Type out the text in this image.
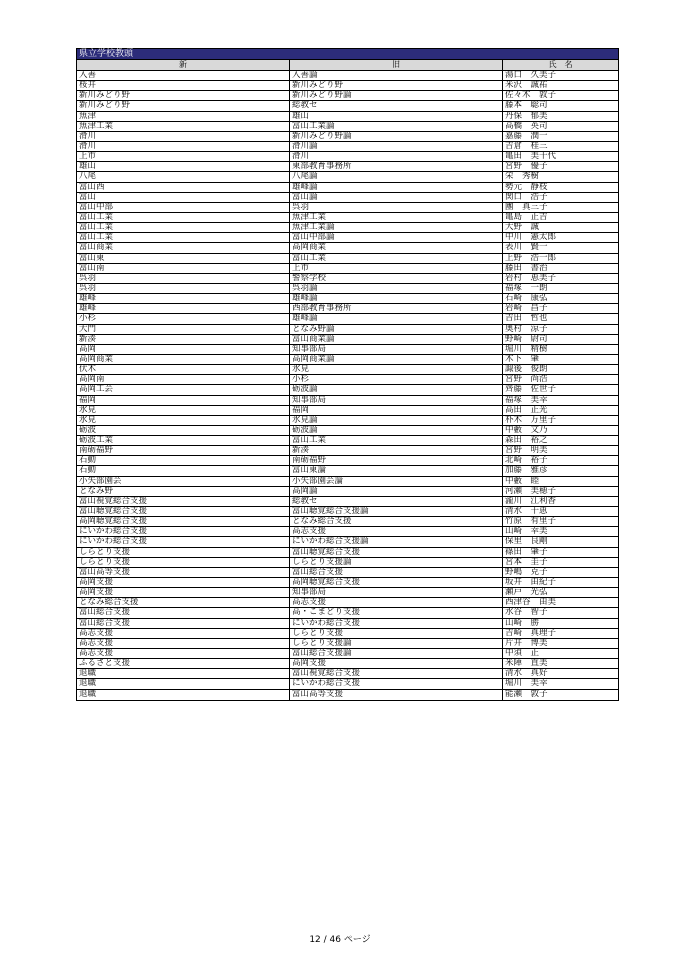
県立学校教頭
新	旧	氏　名
入善	入善論	湯口　久美子
桜井	新川みどり野	米沢　誠祐
新川みどり野	新川みどり野論	佐々木　敦子
新川みどり野	総教セ	藤本　聡司
魚津	雄山	丹保　郁美
魚津工業	富山工業論	高橋　英司
滑川	新川みどり野論	嘉藤　潤一
滑川	滑川論	吉倉　桂三
上市	滑川	亀田　美千代
雄山	東部教育事務所	宮野　優子
八尾	八尾論	栄　秀樹
富山西	雄峰論	勢元　静枝
富山	富山論	関口　浩子
富山中部	呉羽	團　真三子
富山工業	魚津工業	亀島　正吉
富山工業	魚津工業論	大野　誠
富山工業	富山中部論	中川　憲太郎
富山商業	高岡商業	表川　賢一
富山東	富山工業	上野　浩一郎
富山南	上市	藤田　書治
呉羽	警察学校	岩村　恵美子
呉羽	呉羽論	福塚　一朗
雄峰	雄峰論	石崎　康弘
雄峰	西部教育事務所	岩崎　昌子
小杉	雄峰論	吉田　哲也
大門	となみ野論	奥村　涼子
新湊	富山商業論	野崎　尉司
高岡	知事部局	堀川　精樹
高岡商業	高岡商業論	木下　肇
伏木	氷見	諏後　俊朗
高岡南	小杉	宮野　尚浩
高岡工芸	砺波論	齊藤　佐世子
福岡	知事部局	福塚　美幸
氷見	福岡	高田　正光
氷見	氷見論	朴木　万里子
砺波	砺波論	中藪　文乃
砺波工業	富山工業	森田　裕之
南砺福野	新湊	宮野　明美
石動	南砺福野	北崎　裕子
石動	富山東論	加藤　雅彦
小矢部園芸	小矢部園芸論	中藪　睦
となみ野	高岡論	河瀬　美穂子
富山視覚総合支援	総教セ	瀧川　江利香
富山聴覚総合支援	富山聴覚総合支援論	清水　千恵
高岡聴覚総合支援	となみ総合支援	竹原　有里子
にいかわ総合支援	高志支援	山崎　幸美
にいかわ総合支援	にいかわ総合支援論	保里　良剛
しらとり支援	富山聴覚総合支援	篠田　肇子
しらとり支援	しらとり支援論	宮本　圭子
富山高等支援	富山総合支援	野嶋　克子
高岡支援	高岡聴覚総合支援	坂井　由紀子
高岡支援	知事部局	瀬戸　光弘
となみ総合支援	高志支援	西津谷　由美
富山総合支援	高・こまどり支援	水谷　智子
富山総合支援	にいかわ総合支援	山崎　勝
高志支援	しらとり支援	吉崎　真理子
高志支援	しらとり支援論	片井　博美
高志支援	富山総合支援論	中須　正
ふるさと支援	高岡支援	米陣　直美
退職	富山視覚総合支援	清水　真好
退職	にいかわ総合支援	堀川　美幸
退職	富山高等支援	能瀬　敦子
12 / 46 ページ
